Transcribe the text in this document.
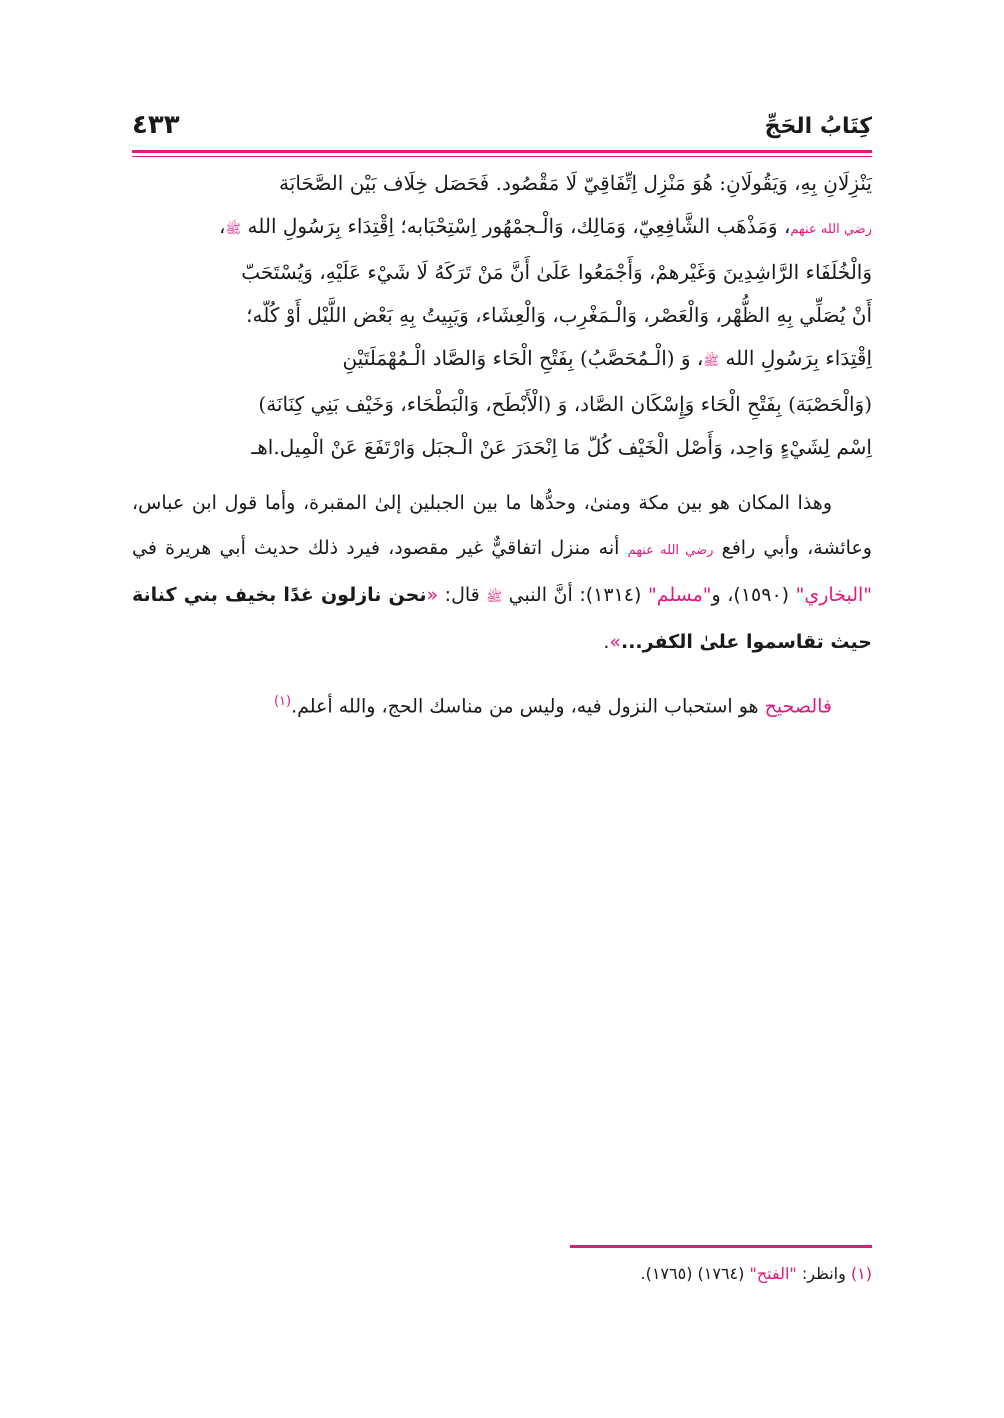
كِتَابُ الحَجِّ
٤٣٣

يَنْزِلَانِ بِهِ، وَيَقُولَانِ: هُوَ مَنْزِل اِتِّفَاقِيّ لَا مَقْصُود. فَحَصَل خِلَاف بَيْن الصَّحَابَة

رضي الله عنهم، وَمَذْهَب الشَّافِعِيّ، وَمَالِك، وَالْـجمْهُور اِسْتِحْبَابه؛ اِقْتِدَاء بِرَسُولِ الله ﷺ،

وَالْخُلَفَاء الرَّاشِدِينَ وَغَيْرهمْ، وَأَجْمَعُوا عَلَىٰ أَنَّ مَنْ تَرَكَهُ لَا شَيْء عَلَيْهِ، وَيُسْتَحَبّ

أَنْ يُصَلِّي بِهِ الظُّهْر، وَالْعَصْر، وَالْـمَغْرِب، وَالْعِشَاء، وَيَبِيتُ بِهِ بَعْض اللَّيْل أَوْ كُلّه؛

اِقْتِدَاء بِرَسُولِ الله ﷺ، وَ (الْـمُحَصَّبُ) بِفَتْحِ الْحَاء وَالصَّاد الْـمُهْمَلَتَيْنِ

(وَالْحَصْبَة) بِفَتْحِ الْحَاء وَإِسْكَان الصَّاد، وَ (الْأَبْطَح، وَالْبَطْحَاء، وَخَيْف بَنِي كِنَانَة)

اِسْم لِشَيْءٍ وَاحِد، وَأَصْل الْخَيْف كُلّ مَا اِنْحَدَرَ عَنْ الْـجبَل وَارْتَفَعَ عَنْ الْمِيل.اهـ

وهذا المكان هو بين مكة ومنىٰ، وحدُّها ما بين الجبلين إلىٰ المقبرة، وأما قول ابن عباس، وعائشة، وأبي رافع رضي الله عنهم أنه منزل اتفاقيٌّ غير مقصود، فيرد ذلك حديث أبي هريرة في "البخاري" (١٥٩٠)، و"مسلم" (١٣١٤): أنَّ النبي ﷺ قال: «نحن نازلون غدًا بخيف بني كنانة حيث تقاسموا علىٰ الكفر...».

فالصحيح هو استحباب النزول فيه، وليس من مناسك الحج، والله أعلم.$^{(١)}$

(١) وانظر: "الفتح" (١٧٦٤) (١٧٦٥).
